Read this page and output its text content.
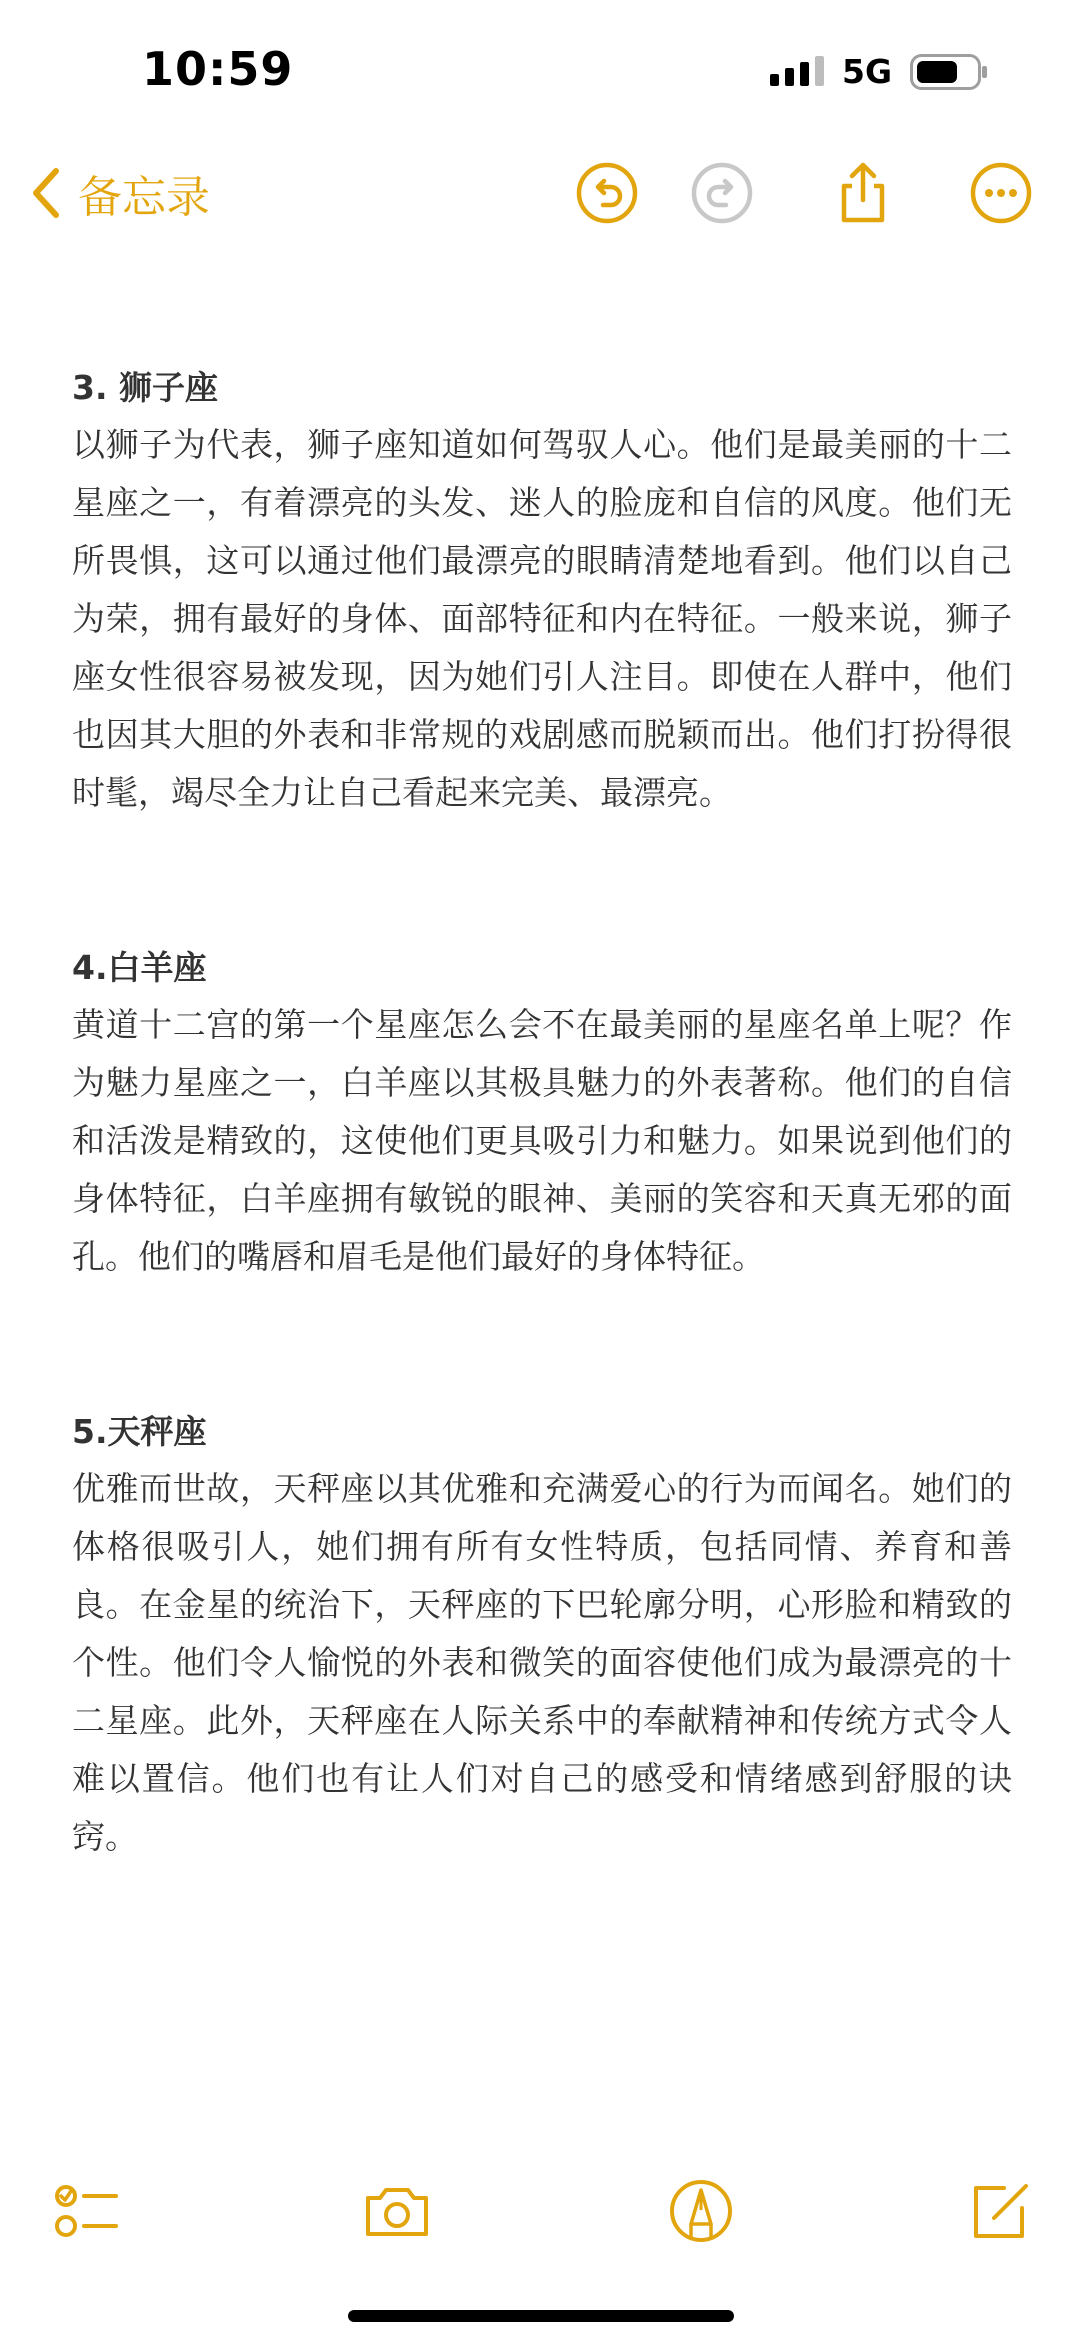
10:59	5G
备忘录

3. 狮子座

以狮子为代表，狮子座知道如何驾驭人心。他们是最美丽的十二星座之一，有着漂亮的头发、迷人的脸庞和自信的风度。他们无所畏惧，这可以通过他们最漂亮的眼睛清楚地看到。他们以自己为荣，拥有最好的身体、面部特征和内在特征。一般来说，狮子座女性很容易被发现，因为她们引人注目。即使在人群中，他们也因其大胆的外表和非常规的戏剧感而脱颖而出。他们打扮得很时髦，竭尽全力让自己看起来完美、最漂亮。

4.白羊座

黄道十二宫的第一个星座怎么会不在最美丽的星座名单上呢？作为魅力星座之一，白羊座以其极具魅力的外表著称。他们的自信和活泼是精致的，这使他们更具吸引力和魅力。如果说到他们的身体特征，白羊座拥有敏锐的眼神、美丽的笑容和天真无邪的面孔。他们的嘴唇和眉毛是他们最好的身体特征。

5.天秤座

优雅而世故，天秤座以其优雅和充满爱心的行为而闻名。她们的体格很吸引人，她们拥有所有女性特质，包括同情、养育和善良。在金星的统治下，天秤座的下巴轮廓分明，心形脸和精致的个性。他们令人愉悦的外表和微笑的面容使他们成为最漂亮的十二星座。此外，天秤座在人际关系中的奉献精神和传统方式令人难以置信。他们也有让人们对自己的感受和情绪感到舒服的诀窍。
